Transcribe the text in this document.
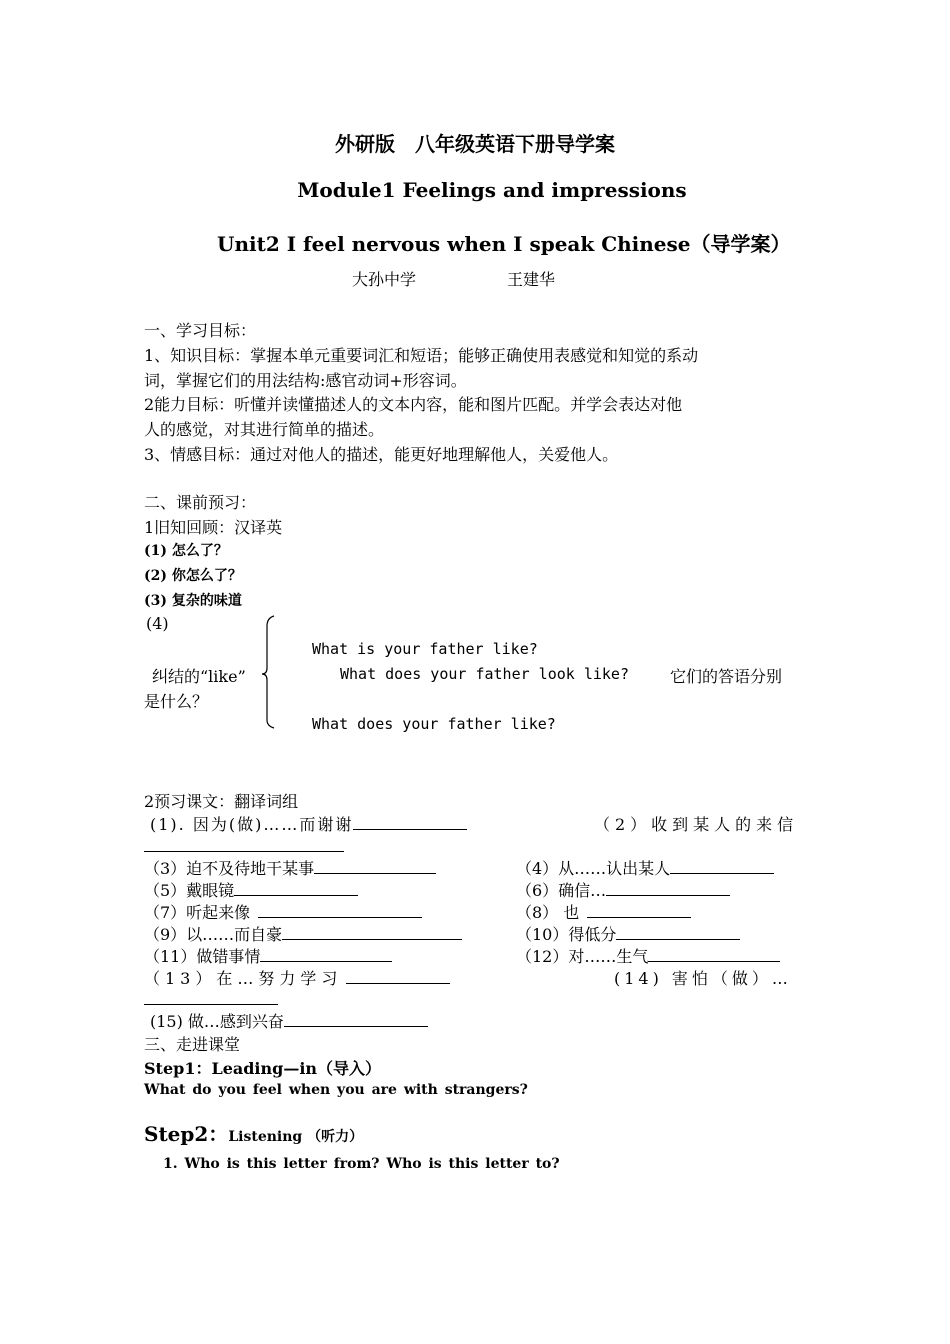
外研版　八年级英语下册导学案
Module1 Feelings and impressions
Unit2 I feel nervous when I speak Chinese（导学案）
大孙中学	王建华
一、学习目标：
1、知识目标：掌握本单元重要词汇和短语；能够正确使用表感觉和知觉的系动
词，掌握它们的用法结构:感官动词+形容词。
2能力目标：听懂并读懂描述人的文本内容，能和图片匹配。并学会表达对他
人的感觉，对其进行简单的描述。
3、情感目标：通过对他人的描述，能更好地理解他人，关爱他人。
二、课前预习：
1旧知回顾：汉译英
(1) 怎么了？
(2) 你怎么了？
(3) 复杂的味道
(4)
What is your father like?
纠结的“like”	What does your father look like?	它们的答语分别
是什么？
What does your father like?
2预习课文：翻译词组
(1). 因为(做)……而谢谢	（2）收到某人的来信
（3）迫不及待地干某事	（4）从……认出某人
（5）戴眼镜	（6）确信…
（7）听起来像	（8） 也
（9）以……而自豪	（10）得低分
（11）做错事情	（12）对……生气
（13）在…努力学习	(14) 害怕（做）…
(15) 做…感到兴奋
三、走进课堂
Step1：Leading—in（导入）
What do you feel when you are with strangers?
Step2：Listening （听力）
1. Who is this letter from? Who is this letter to?
